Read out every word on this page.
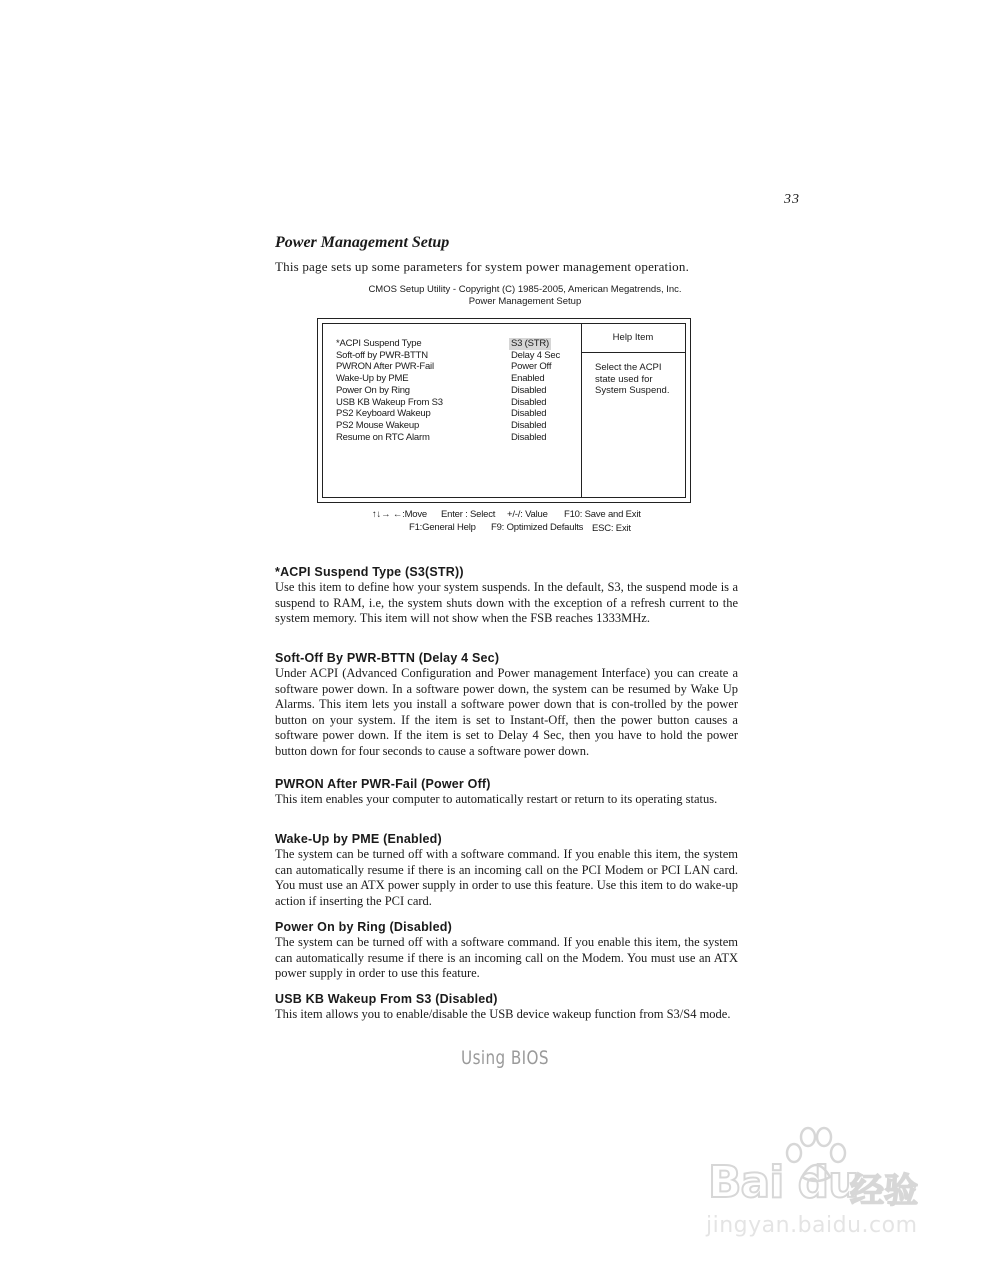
33
Power Management Setup
This page sets up some parameters for system power management operation.
CMOS Setup Utility - Copyright (C) 1985-2005, American Megatrends, Inc.
Power Management Setup
*ACPI Suspend Type	S3 (STR)
Soft-off by PWR-BTTN	Delay 4 Sec
PWRON After PWR-Fail	Power Off
Wake-Up by PME	Enabled
Power On by Ring	Disabled
USB KB Wakeup From S3	Disabled
PS2 Keyboard Wakeup	Disabled
PS2 Mouse Wakeup	Disabled
Resume on RTC Alarm	Disabled
Help Item
Select the ACPI state used for System Suspend.
↑↓→ ←:Move Enter : Select +/-/: Value F10: Save and Exit
F1:General Help F9: Optimized Defaults ESC: Exit
*ACPI Suspend Type (S3(STR))

Use this item to define how your system suspends. In the default, S3, the suspend mode is a suspend to RAM, i.e, the system shuts down with the exception of a refresh current to the system memory. This item will not show when the FSB reaches 1333MHz.

Soft-Off By PWR-BTTN (Delay 4 Sec)

Under ACPI (Advanced Configuration and Power management Interface) you can create a software power down. In a software power down, the system can be resumed by Wake Up Alarms. This item lets you install a software power down that is con-trolled by the power button on your system. If the item is set to Instant-Off, then the power button causes a software power down. If the item is set to Delay 4 Sec, then you have to hold the power button down for four seconds to cause a software power down.

PWRON After PWR-Fail (Power Off)

This item enables your computer to automatically restart or return to its operating status.

Wake-Up by PME (Enabled)

The system can be turned off with a software command. If you enable this item, the system can automatically resume if there is an incoming call on the PCI Modem or PCI LAN card. You must use an ATX power supply in order to use this feature. Use this item to do wake-up action if inserting the PCI card.

Power On by Ring (Disabled)

The system can be turned off with a software command. If you enable this item, the system can automatically resume if there is an incoming call on the Modem. You must use an ATX power supply in order to use this feature.

USB KB Wakeup From S3 (Disabled)

This item allows you to enable/disable the USB device wakeup function from S3/S4 mode.

Using BIOS
Bai du
经验
jingyan.baidu.com
